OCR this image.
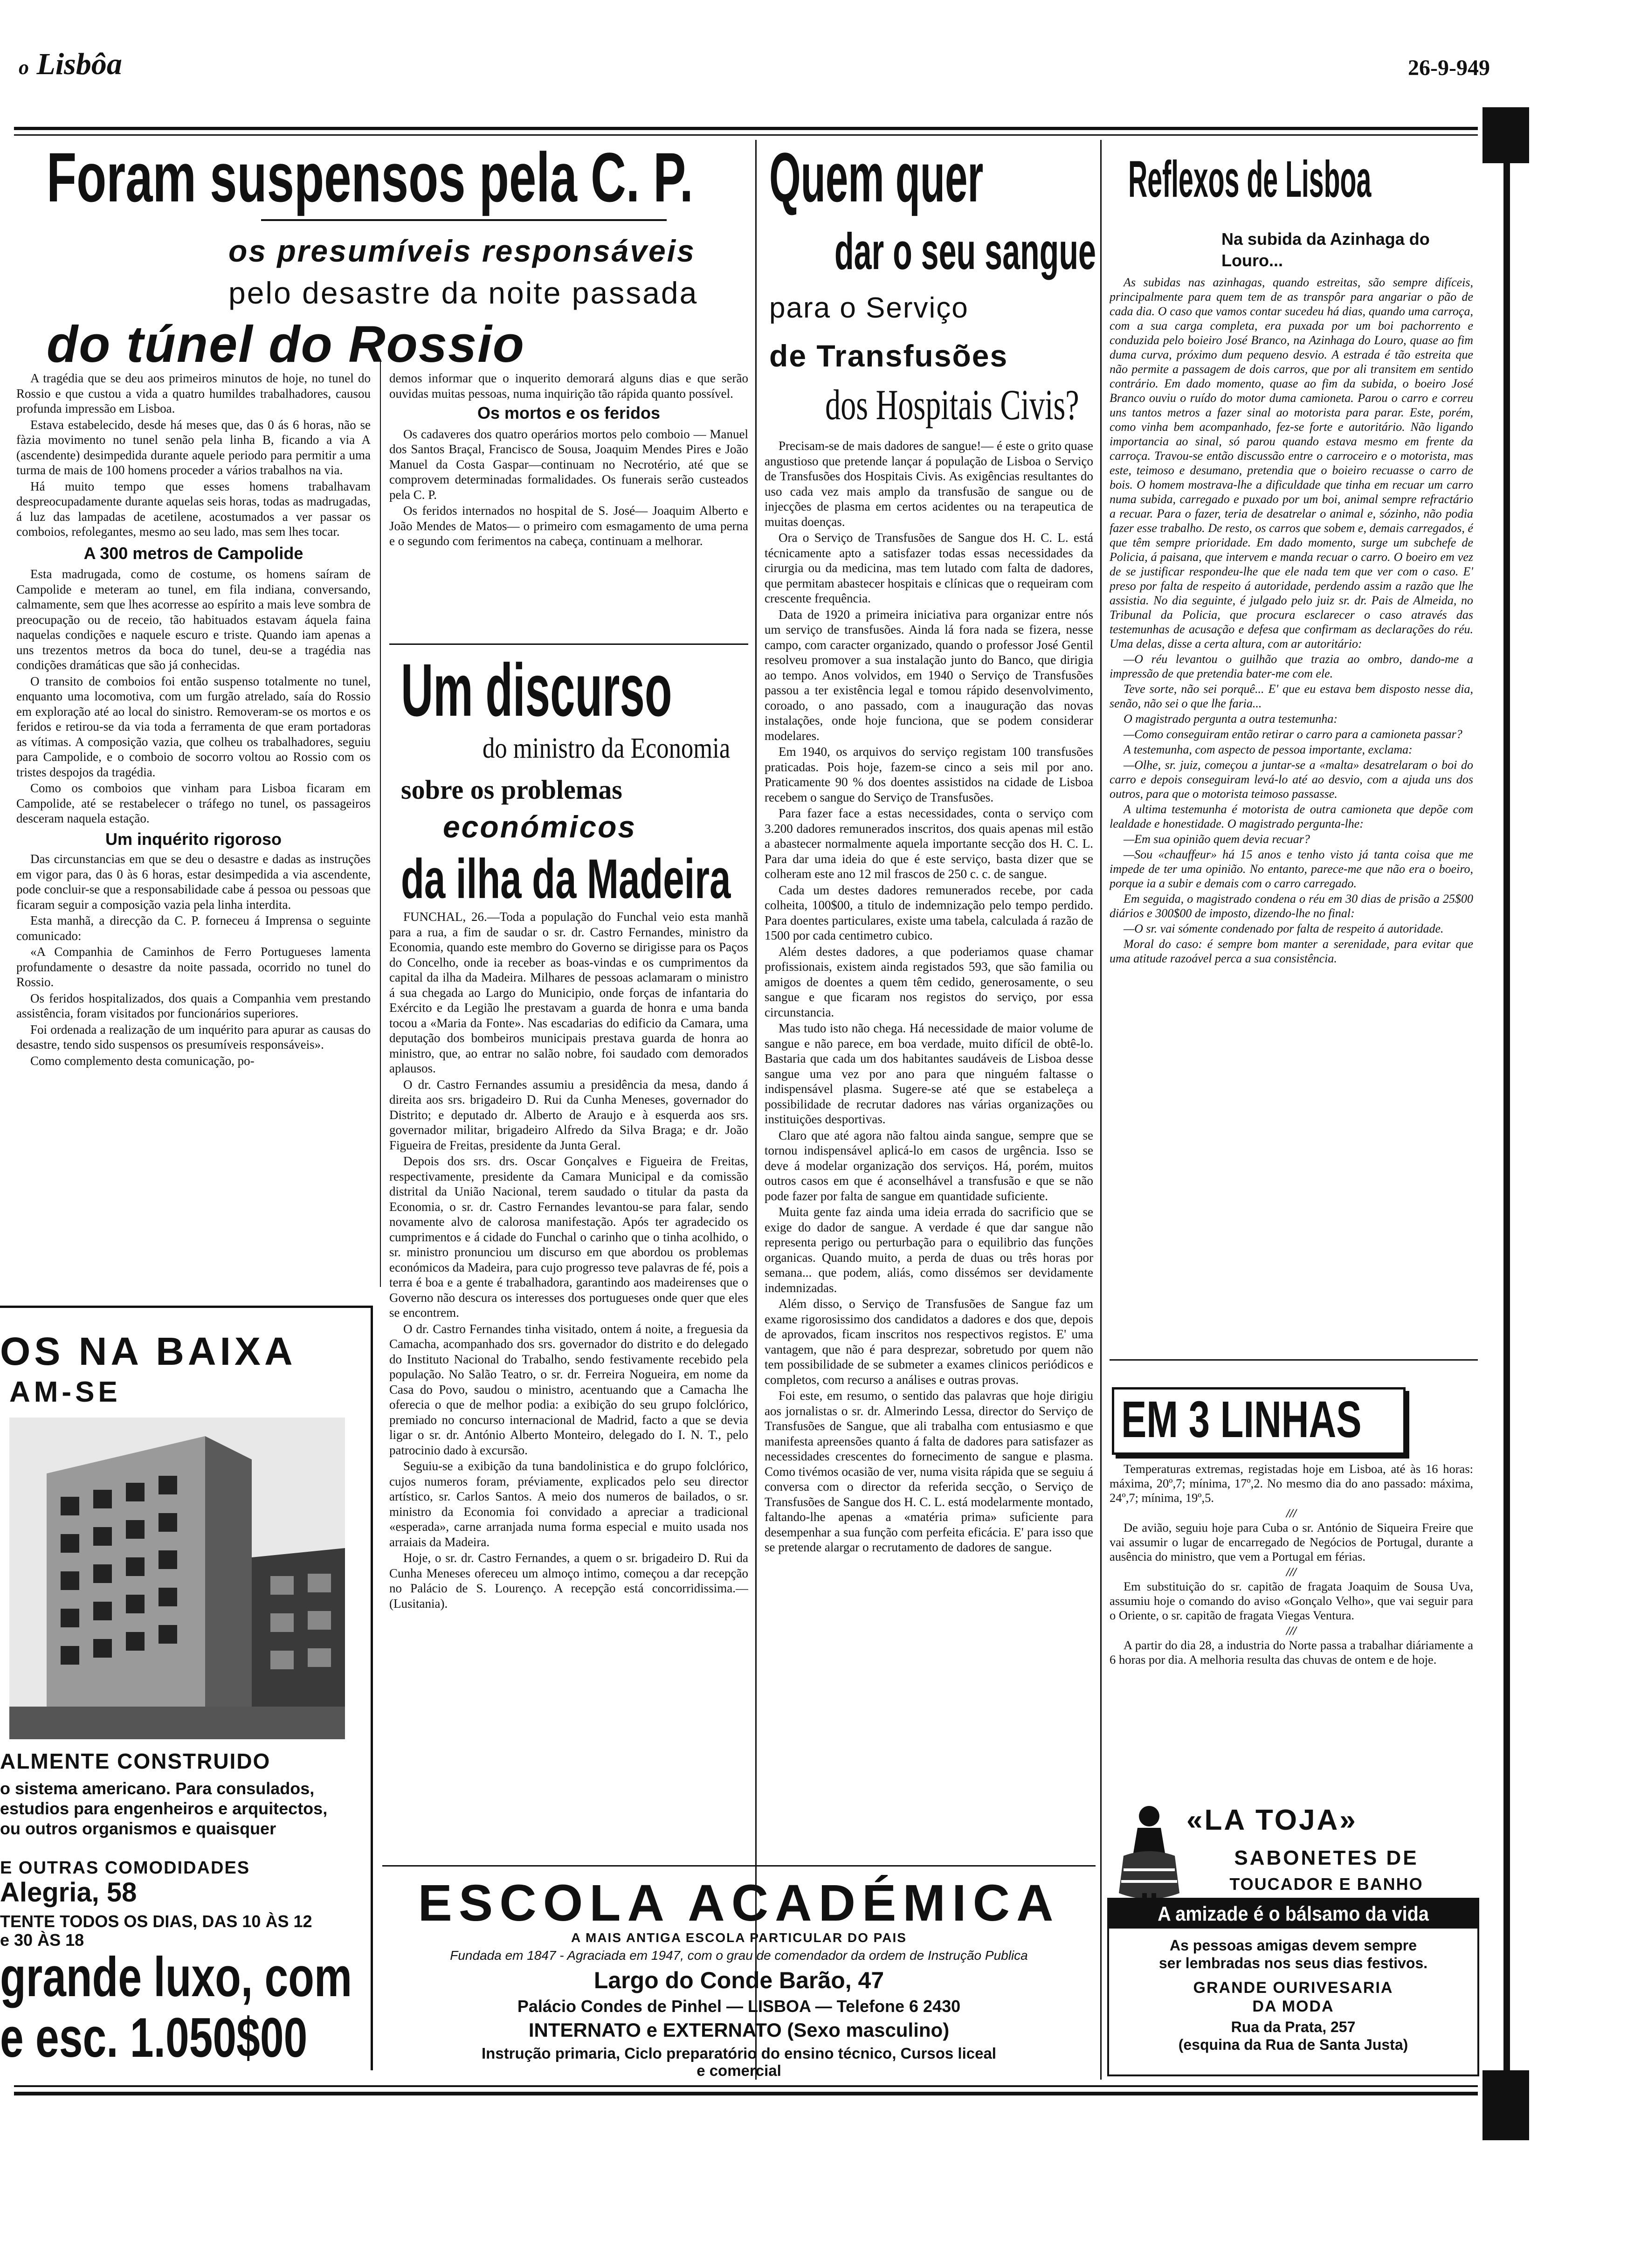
o Lisbôa	26-9-949
Foram suspensos pela C. P.
os presumíveis responsáveis
pelo desastre da noite passada
do túnel do Rossio

A tragédia que se deu aos primeiros minutos de hoje, no tunel do Rossio e que custou a vida a quatro humildes trabalhadores, causou profunda impressão em Lisboa.

Estava estabelecido, desde há meses que, das 0 ás 6 horas, não se fàzia movimento no tunel senão pela linha B, ficando a via A (ascendente) desimpedida durante aquele periodo para permitir a uma turma de mais de 100 homens proceder a vários trabalhos na via.

Há muito tempo que esses homens trabalhavam despreocupadamente durante aquelas seis horas, todas as madrugadas, á luz das lampadas de acetilene, acostumados a ver passar os comboios, refolegantes, mesmo ao seu lado, mas sem lhes tocar.

A 300 metros de Campolide

Esta madrugada, como de costume, os homens saíram de Campolide e meteram ao tunel, em fila indiana, conversando, calmamente, sem que lhes acorresse ao espírito a mais leve sombra de preocupação ou de receio, tão habituados estavam áquela faina naquelas condições e naquele escuro e triste. Quando iam apenas a uns trezentos metros da boca do tunel, deu-se a tragédia nas condições dramáticas que são já conhecidas.

O transito de comboios foi então suspenso totalmente no tunel, enquanto uma locomotiva, com um furgão atrelado, saía do Rossio em exploração até ao local do sinistro. Removeram-se os mortos e os feridos e retirou-se da via toda a ferramenta de que eram portadoras as vítimas. A composição vazia, que colheu os trabalhadores, seguiu para Campolide, e o comboio de socorro voltou ao Rossio com os tristes despojos da tragédia.

Como os comboios que vinham para Lisboa ficaram em Campolide, até se restabelecer o tráfego no tunel, os passageiros desceram naquela estação.

Um inquérito rigoroso

Das circunstancias em que se deu o desastre e dadas as instruções em vigor para, das 0 às 6 horas, estar desimpedida a via ascendente, pode concluir-se que a responsabilidade cabe á pessoa ou pessoas que ficaram seguir a composição vazia pela linha interdita.

Esta manhã, a direcção da C. P. forneceu á Imprensa o seguinte comunicado:

«A Companhia de Caminhos de Ferro Portugueses lamenta profundamente o desastre da noite passada, ocorrido no tunel do Rossio.

Os feridos hospitalizados, dos quais a Companhia vem prestando assistência, foram visitados por funcionários superiores.

Foi ordenada a realização de um inquérito para apurar as causas do desastre, tendo sido suspensos os presumíveis responsáveis».

Como complemento desta comunicação, po-

demos informar que o inquerito demorará alguns dias e que serão ouvidas muitas pessoas, numa inquirição tão rápida quanto possível.

Os mortos e os feridos

Os cadaveres dos quatro operários mortos pelo comboio — Manuel dos Santos Braçal, Francisco de Sousa, Joaquim Mendes Pires e João Manuel da Costa Gaspar—continuam no Necrotério, até que se comprovem determinadas formalidades. Os funerais serão custeados pela C. P.

Os feridos internados no hospital de S. José— Joaquim Alberto e João Mendes de Matos— o primeiro com esmagamento de uma perna e o segundo com ferimentos na cabeça, continuam a melhorar.

Um discurso
do ministro da Economia
sobre os problemas
económicos
da ilha da Madeira

FUNCHAL, 26.—Toda a população do Funchal veio esta manhã para a rua, a fim de saudar o sr. dr. Castro Fernandes, ministro da Economia, quando este membro do Governo se dirigisse para os Paços do Concelho, onde ia receber as boas-vindas e os cumprimentos da capital da ilha da Madeira. Milhares de pessoas aclamaram o ministro á sua chegada ao Largo do Municipio, onde forças de infantaria do Exército e da Legião lhe prestavam a guarda de honra e uma banda tocou a «Maria da Fonte». Nas escadarias do edificio da Camara, uma deputação dos bombeiros municipais prestava guarda de honra ao ministro, que, ao entrar no salão nobre, foi saudado com demorados aplausos.

O dr. Castro Fernandes assumiu a presidência da mesa, dando á direita aos srs. brigadeiro D. Rui da Cunha Meneses, governador do Distrito; e deputado dr. Alberto de Araujo e à esquerda aos srs. governador militar, brigadeiro Alfredo da Silva Braga; e dr. João Figueira de Freitas, presidente da Junta Geral.

Depois dos srs. drs. Oscar Gonçalves e Figueira de Freitas, respectivamente, presidente da Camara Municipal e da comissão distrital da União Nacional, terem saudado o titular da pasta da Economia, o sr. dr. Castro Fernandes levantou-se para falar, sendo novamente alvo de calorosa manifestação. Após ter agradecido os cumprimentos e á cidade do Funchal o carinho que o tinha acolhido, o sr. ministro pronunciou um discurso em que abordou os problemas económicos da Madeira, para cujo progresso teve palavras de fé, pois a terra é boa e a gente é trabalhadora, garantindo aos madeirenses que o Governo não descura os interesses dos portugueses onde quer que eles se encontrem.

O dr. Castro Fernandes tinha visitado, ontem á noite, a freguesia da Camacha, acompanhado dos srs. governador do distrito e do delegado do Instituto Nacional do Trabalho, sendo festivamente recebido pela população. No Salão Teatro, o sr. dr. Ferreira Nogueira, em nome da Casa do Povo, saudou o ministro, acentuando que a Camacha lhe oferecia o que de melhor podia: a exibição do seu grupo folclórico, premiado no concurso internacional de Madrid, facto a que se devia ligar o sr. dr. António Alberto Monteiro, delegado do I. N. T., pelo patrocinio dado à excursão.

Seguiu-se a exibição da tuna bandolinistica e do grupo folclórico, cujos numeros foram, préviamente, explicados pelo seu director artístico, sr. Carlos Santos. A meio dos numeros de bailados, o sr. ministro da Economia foi convidado a apreciar a tradicional «esperada», carne arranjada numa forma especial e muito usada nos arraiais da Madeira.

Hoje, o sr. dr. Castro Fernandes, a quem o sr. brigadeiro D. Rui da Cunha Meneses ofereceu um almoço intimo, começou a dar recepção no Palácio de S. Lourenço. A recepção está concorridissima.—(Lusitania).

Quem quer
dar o seu sangue
para o Serviço
de Transfusões
dos Hospitais Civis?

Precisam-se de mais dadores de sangue!— é este o grito quase angustioso que pretende lançar á população de Lisboa o Serviço de Transfusões dos Hospitais Civis. As exigências resultantes do uso cada vez mais amplo da transfusão de sangue ou de injecções de plasma em certos acidentes ou na terapeutica de muitas doenças.

Ora o Serviço de Transfusões de Sangue dos H. C. L. está técnicamente apto a satisfazer todas essas necessidades da cirurgia ou da medicina, mas tem lutado com falta de dadores, que permitam abastecer hospitais e clínicas que o requeiram com crescente frequência.

Data de 1920 a primeira iniciativa para organizar entre nós um serviço de transfusões. Ainda lá fora nada se fizera, nesse campo, com caracter organizado, quando o professor José Gentil resolveu promover a sua instalação junto do Banco, que dirigia ao tempo. Anos volvidos, em 1940 o Serviço de Transfusões passou a ter existência legal e tomou rápido desenvolvimento, coroado, o ano passado, com a inauguração das novas instalações, onde hoje funciona, que se podem considerar modelares.

Em 1940, os arquivos do serviço registam 100 transfusões praticadas. Pois hoje, fazem-se cinco a seis mil por ano. Praticamente 90 % dos doentes assistidos na cidade de Lisboa recebem o sangue do Serviço de Transfusões.

Para fazer face a estas necessidades, conta o serviço com 3.200 dadores remunerados inscritos, dos quais apenas mil estão a abastecer normalmente aquela importante secção dos H. C. L. Para dar uma ideia do que é este serviço, basta dizer que se colheram este ano 12 mil frascos de 250 c. c. de sangue.

Cada um destes dadores remunerados recebe, por cada colheita, 100$00, a titulo de indemnização pelo tempo perdido. Para doentes particulares, existe uma tabela, calculada á razão de 1500 por cada centimetro cubico.

Além destes dadores, a que poderiamos quase chamar profissionais, existem ainda registados 593, que são familia ou amigos de doentes a quem têm cedido, generosamente, o seu sangue e que ficaram nos registos do serviço, por essa circunstancia.

Mas tudo isto não chega. Há necessidade de maior volume de sangue e não parece, em boa verdade, muito difícil de obtê-lo. Bastaria que cada um dos habitantes saudáveis de Lisboa desse sangue uma vez por ano para que ninguém faltasse o indispensável plasma. Sugere-se até que se estabeleça a possibilidade de recrutar dadores nas várias organizações ou instituições desportivas.

Claro que até agora não faltou ainda sangue, sempre que se tornou indispensável aplicá-lo em casos de urgência. Isso se deve á modelar organização dos serviços. Há, porém, muitos outros casos em que é aconselhável a transfusão e que se não pode fazer por falta de sangue em quantidade suficiente.

Muita gente faz ainda uma ideia errada do sacrificio que se exige do dador de sangue. A verdade é que dar sangue não representa perigo ou perturbação para o equilibrio das funções organicas. Quando muito, a perda de duas ou três horas por semana... que podem, aliás, como dissémos ser devidamente indemnizadas.

Além disso, o Serviço de Transfusões de Sangue faz um exame rigorosissimo dos candidatos a dadores e dos que, depois de aprovados, ficam inscritos nos respectivos registos. E' uma vantagem, que não é para desprezar, sobretudo por quem não tem possibilidade de se submeter a exames clinicos periódicos e completos, com recurso a análises e outras provas.

Foi este, em resumo, o sentido das palavras que hoje dirigiu aos jornalistas o sr. dr. Almerindo Lessa, director do Serviço de Transfusões de Sangue, que ali trabalha com entusiasmo e que manifesta apreensões quanto á falta de dadores para satisfazer as necessidades crescentes do fornecimento de sangue e plasma. Como tivémos ocasião de ver, numa visita rápida que se seguiu á conversa com o director da referida secção, o Serviço de Transfusões de Sangue dos H. C. L. está modelarmente montado, faltando-lhe apenas a «matéria prima» suficiente para desempenhar a sua função com perfeita eficácia. E' para isso que se pretende alargar o recrutamento de dadores de sangue.

Reflexos de Lisboa
Na subida da Azinhaga do Louro...

As subidas nas azinhagas, quando estreitas, são sempre difíceis, principalmente para quem tem de as transpôr para angariar o pão de cada dia. O caso que vamos contar sucedeu há dias, quando uma carroça, com a sua carga completa, era puxada por um boi pachorrento e conduzida pelo boieiro José Branco, na Azinhaga do Louro, quase ao fim duma curva, próximo dum pequeno desvio. A estrada é tão estreita que não permite a passagem de dois carros, que por ali transitem em sentido contrário. Em dado momento, quase ao fim da subida, o boeiro José Branco ouviu o ruído do motor duma camioneta. Parou o carro e correu uns tantos metros a fazer sinal ao motorista para parar. Este, porém, como vinha bem acompanhado, fez-se forte e autoritário. Não ligando importancia ao sinal, só parou quando estava mesmo em frente da carroça. Travou-se então discussão entre o carroceiro e o motorista, mas este, teimoso e desumano, pretendia que o boieiro recuasse o carro de bois. O homem mostrava-lhe a dificuldade que tinha em recuar um carro numa subida, carregado e puxado por um boi, animal sempre refractário a recuar. Para o fazer, teria de desatrelar o animal e, sózinho, não podia fazer esse trabalho. De resto, os carros que sobem e, demais carregados, é que têm sempre prioridade. Em dado momento, surge um subchefe de Policia, á paisana, que intervem e manda recuar o carro. O boeiro em vez de se justificar respondeu-lhe que ele nada tem que ver com o caso. E' preso por falta de respeito á autoridade, perdendo assim a razão que lhe assistia. No dia seguinte, é julgado pelo juiz sr. dr. Pais de Almeida, no Tribunal da Policia, que procura esclarecer o caso através das testemunhas de acusação e defesa que confirmam as declarações do réu. Uma delas, disse a certa altura, com ar autoritário:

—O réu levantou o guilhão que trazia ao ombro, dando-me a impressão de que pretendia bater-me com ele.

Teve sorte, não sei porquê... E' que eu estava bem disposto nesse dia, senão, não sei o que lhe faria...

O magistrado pergunta a outra testemunha:

—Como conseguiram então retirar o carro para a camioneta passar?

A testemunha, com aspecto de pessoa importante, exclama:

—Olhe, sr. juiz, começou a juntar-se a «malta» desatrelaram o boi do carro e depois conseguiram levá-lo até ao desvio, com a ajuda uns dos outros, para que o motorista teimoso passasse.

A ultima testemunha é motorista de outra camioneta que depõe com lealdade e honestidade. O magistrado pergunta-lhe:

—Em sua opinião quem devia recuar?

—Sou «chauffeur» há 15 anos e tenho visto já tanta coisa que me impede de ter uma opinião. No entanto, parece-me que não era o boeiro, porque ia a subir e demais com o carro carregado.

Em seguida, o magistrado condena o réu em 30 dias de prisão a 25$00 diários e 300$00 de imposto, dizendo-lhe no final:

—O sr. vai sómente condenado por falta de respeito á autoridade.

Moral do caso: é sempre bom manter a serenidade, para evitar que uma atitude razoável perca a sua consistência.

EM 3 LINHAS

Temperaturas extremas, registadas hoje em Lisboa, até às 16 horas: máxima, 20º,7; mínima, 17º,2. No mesmo dia do ano passado: máxima, 24º,7; mínima, 19º,5.

///

De avião, seguiu hoje para Cuba o sr. António de Siqueira Freire que vai assumir o lugar de encarregado de Negócios de Portugal, durante a ausência do ministro, que vem a Portugal em férias.

///

Em substituição do sr. capitão de fragata Joaquim de Sousa Uva, assumiu hoje o comando do aviso «Gonçalo Velho», que vai seguir para o Oriente, o sr. capitão de fragata Viegas Ventura.

///

A partir do dia 28, a industria do Norte passa a trabalhar diáriamente a 6 horas por dia. A melhoria resulta das chuvas de ontem e de hoje.

«LA TOJA»
SABONETES DE
TOUCADOR E BANHO
A amizade é o bálsamo da vida
As pessoas amigas devem sempre
ser lembradas nos seus dias festivos.
GRANDE OURIVESARIA
DA MODA
Rua da Prata, 257
(esquina da Rua de Santa Justa)
OS NA BAIXA
AM-SE
ALMENTE CONSTRUIDO
o sistema americano. Para consulados,
estudios para engenheiros e arquitectos,
ou outros organismos e quaisquer
E OUTRAS COMODIDADES
Alegria, 58
TENTE TODOS OS DIAS, DAS 10 ÀS 12
e 30 ÀS 18
grande luxo, com
e esc. 1.050$00
ESCOLA ACADÉMICA
A MAIS ANTIGA ESCOLA PARTICULAR DO PAIS
Fundada em 1847 - Agraciada em 1947, com o grau de comendador da ordem de Instrução Publica
Largo do Conde Barão, 47
Palácio Condes de Pinhel — LISBOA — Telefone 6 2430
INTERNATO e EXTERNATO (Sexo masculino)
Instrução primaria, Ciclo preparatório do ensino técnico, Cursos liceal
e comercial
